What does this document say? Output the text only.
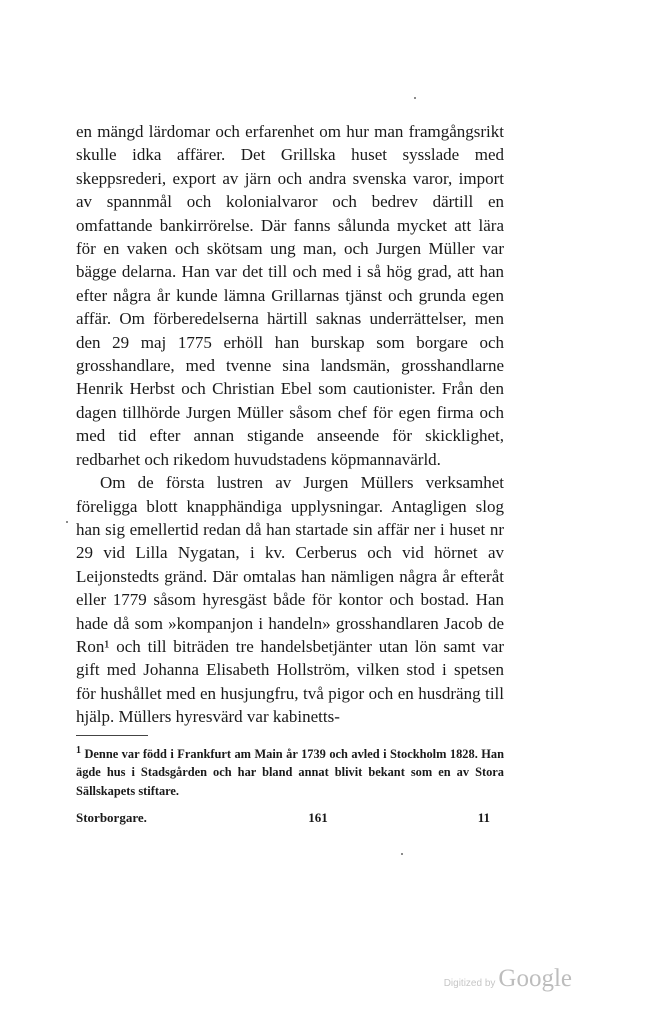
en mängd lärdomar och erfarenhet om hur man framgångsrikt skulle idka affärer. Det Grillska huset sysslade med skeppsrederi, export av järn och andra svenska varor, import av spannmål och kolonialvaror och bedrev därtill en omfattande bankirrörelse. Där fanns sålunda mycket att lära för en vaken och skötsam ung man, och Jurgen Müller var bägge delarna. Han var det till och med i så hög grad, att han efter några år kunde lämna Grillarnas tjänst och grunda egen affär. Om förberedelserna härtill saknas underrättelser, men den 29 maj 1775 erhöll han burskap som borgare och grosshandlare, med tvenne sina landsmän, grosshandlarne Henrik Herbst och Christian Ebel som cautionister. Från den dagen tillhörde Jurgen Müller såsom chef för egen firma och med tid efter annan stigande anseende för skicklighet, redbarhet och rikedom huvudstadens köpmannavärld.

Om de första lustren av Jurgen Müllers verksamhet föreligga blott knapphändiga upplysningar. Antagligen slog han sig emellertid redan då han startade sin affär ner i huset nr 29 vid Lilla Nygatan, i kv. Cerberus och vid hörnet av Leijonstedts gränd. Där omtalas han nämligen några år efteråt eller 1779 såsom hyresgäst både för kontor och bostad. Han hade då som »kompanjon i handeln» grosshandlaren Jacob de Ron¹ och till biträden tre handelsbetjänter utan lön samt var gift med Johanna Elisabeth Hollström, vilken stod i spetsen för hushållet med en husjungfru, två pigor och en husdräng till hjälp. Müllers hyresvärd var kabinetts-

$^1$ Denne var född i Frankfurt am Main år 1739 och avled i Stockholm 1828. Han ägde hus i Stadsgården och har bland annat blivit bekant som en av Stora Sällskapets stiftare.

Storborgare.	161	11
Digitized by Google
